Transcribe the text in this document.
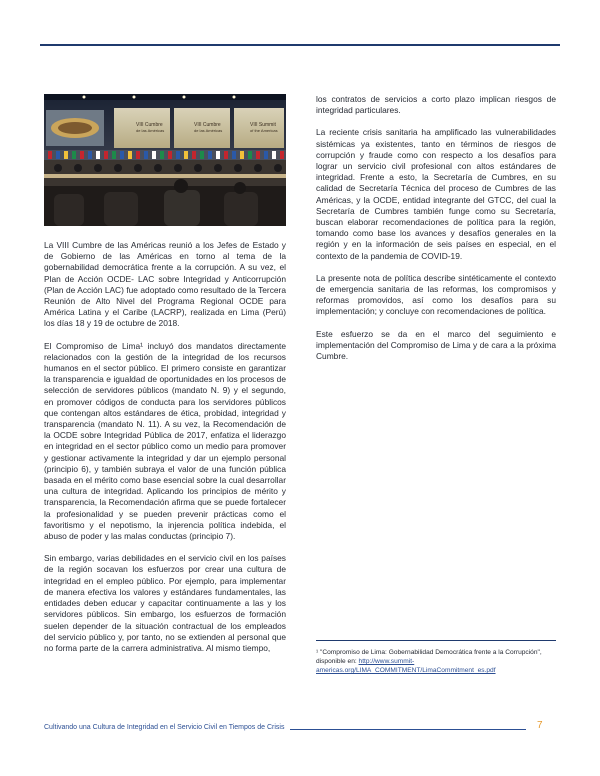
VIII Cumbre
de las Américas
VIII Cumbre
de las Américas
VIII Summit
of the Americas

La VIII Cumbre de las Américas reunió a los Jefes de Estado y de Gobierno de las Américas en torno al tema de la gobernabilidad democrática frente a la corrupción. A su vez, el Plan de Acción OCDE- LAC sobre Integridad y Anticorrupción (Plan de Acción LAC) fue adoptado como resultado de la Tercera Reunión de Alto Nivel del Programa Regional OCDE para América Latina y el Caribe (LACRP), realizada en Lima (Perú) los días 18 y 19 de octubre de 2018.

El Compromiso de Lima¹ incluyó dos mandatos directamente relacionados con la gestión de la integridad de los recursos humanos en el sector público. El primero consiste en garantizar la transparencia e igualdad de oportunidades en los procesos de selección de servidores públicos (mandato N. 9) y el segundo, en promover códigos de conducta para los servidores públicos que contengan altos estándares de ética, probidad, integridad y transparencia (mandato N. 11). A su vez, la Recomendación de la OCDE sobre Integridad Pública de 2017, enfatiza el liderazgo en integridad en el sector público como un medio para promover y gestionar activamente la integridad y dar un ejemplo personal (principio 6), y también subraya el valor de una función pública basada en el mérito como base esencial sobre la cual desarrollar una cultura de integridad. Aplicando los principios de mérito y transparencia, la Recomendación afirma que se puede fortalecer la profesionalidad y se pueden prevenir prácticas como el favoritismo y el nepotismo, la injerencia política indebida, el abuso de poder y las malas conductas (principio 7).

Sin embargo, varias debilidades en el servicio civil en los países de la región socavan los esfuerzos por crear una cultura de integridad en el empleo público. Por ejemplo, para implementar de manera efectiva los valores y estándares fundamentales, las entidades deben educar y capacitar continuamente a las y los servidores públicos. Sin embargo, los esfuerzos de formación suelen depender de la situación contractual de los empleados del servicio público y, por tanto, no se extienden al personal que no forma parte de la carrera administrativa. Al mismo tiempo,

los contratos de servicios a corto plazo implican riesgos de integridad particulares.

La reciente crisis sanitaria ha amplificado las vulnerabilidades sistémicas ya existentes, tanto en términos de riesgos de corrupción y fraude como con respecto a los desafíos para lograr un servicio civil profesional con altos estándares de integridad. Frente a esto, la Secretaría de Cumbres, en su calidad de Secretaría Técnica del proceso de Cumbres de las Américas, y la OCDE, entidad integrante del GTCC, del cual la Secretaría de Cumbres también funge como su Secretaría, buscan elaborar recomendaciones de política para la región, tomando como base los avances y desafíos generales en la región y en la información de seis países en especial, en el contexto de la pandemia de COVID-19.

La presente nota de política describe sintéticamente el contexto de emergencia sanitaria de las reformas, los compromisos y reformas promovidos, así como los desafíos para su implementación; y concluye con recomendaciones de política.

Este esfuerzo se da en el marco del seguimiento e implementación del Compromiso de Lima y de cara a la próxima Cumbre.

¹ "Compromiso de Lima: Gobernabilidad Democrática frente a la Corrupción", disponible en: http://www.summit-americas.org/LIMA_COMMITMENT/LimaCommitment_es.pdf
Cultivando una Cultura de Integridad en el Servicio Civil en Tiempos de Crisis	7
